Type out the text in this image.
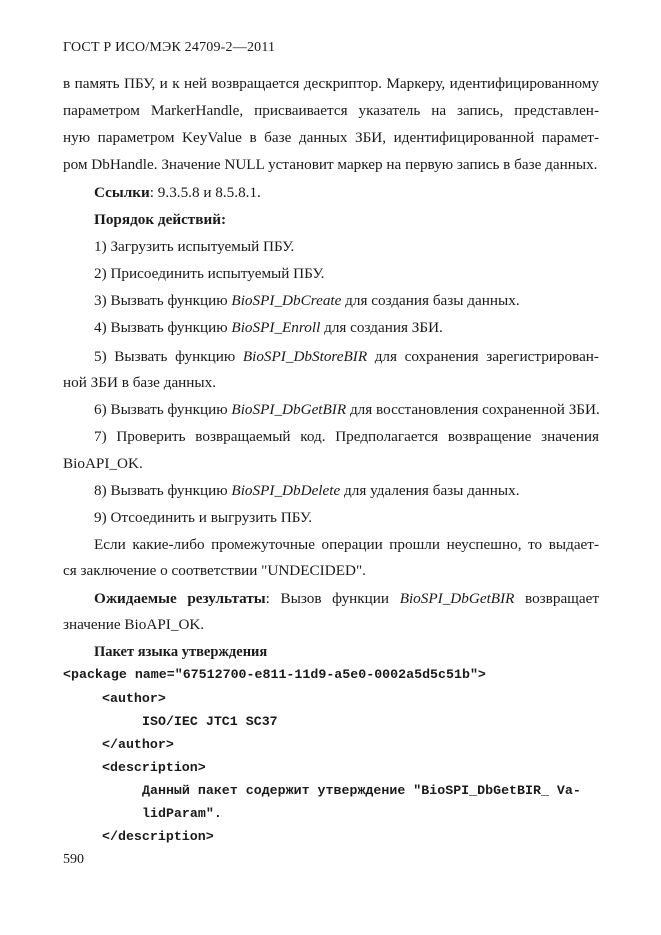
ГОСТ Р ИСО/МЭК 24709-2—2011
в память ПБУ, и к ней возвращается дескриптор. Маркеру, идентифицированному
параметром MarkerHandle, присваивается указатель на запись, представлен-
ную параметром KeyValue в базе данных ЗБИ, идентифицированной парамет-
ром DbHandle. Значение NULL установит маркер на первую запись в базе данных.
Ссылки: 9.3.5.8 и 8.5.8.1.
Порядок действий:
1) Загрузить испытуемый ПБУ.
2) Присоединить испытуемый ПБУ.
3) Вызвать функцию BioSPI_DbCreate для создания базы данных.
4) Вызвать функцию BioSPI_Enroll для создания ЗБИ.
5) Вызвать функцию BioSPI_DbStoreBIR для сохранения зарегистрирован-
ной ЗБИ в базе данных.
6) Вызвать функцию BioSPI_DbGetBIR для восстановления сохраненной ЗБИ.
7) Проверить возвращаемый код. Предполагается возвращение значения
BioAPI_OK.
8) Вызвать функцию BioSPI_DbDelete для удаления базы данных.
9) Отсоединить и выгрузить ПБУ.
Если какие-либо промежуточные операции прошли неуспешно, то выдает-
ся заключение о соответствии "UNDECIDED".
Ожидаемые результаты: Вызов функции BioSPI_DbGetBIR возвращает
значение BioAPI_OK.
Пакет языка утверждения
<package name="67512700-e811-11d9-a5e0-0002a5d5c51b">
<author>
ISO/IEC JTC1 SC37
</author>
<description>
Данный пакет содержит утверждение "BioSPI_DbGetBIR_ Va-
lidParam".
</description>
590
